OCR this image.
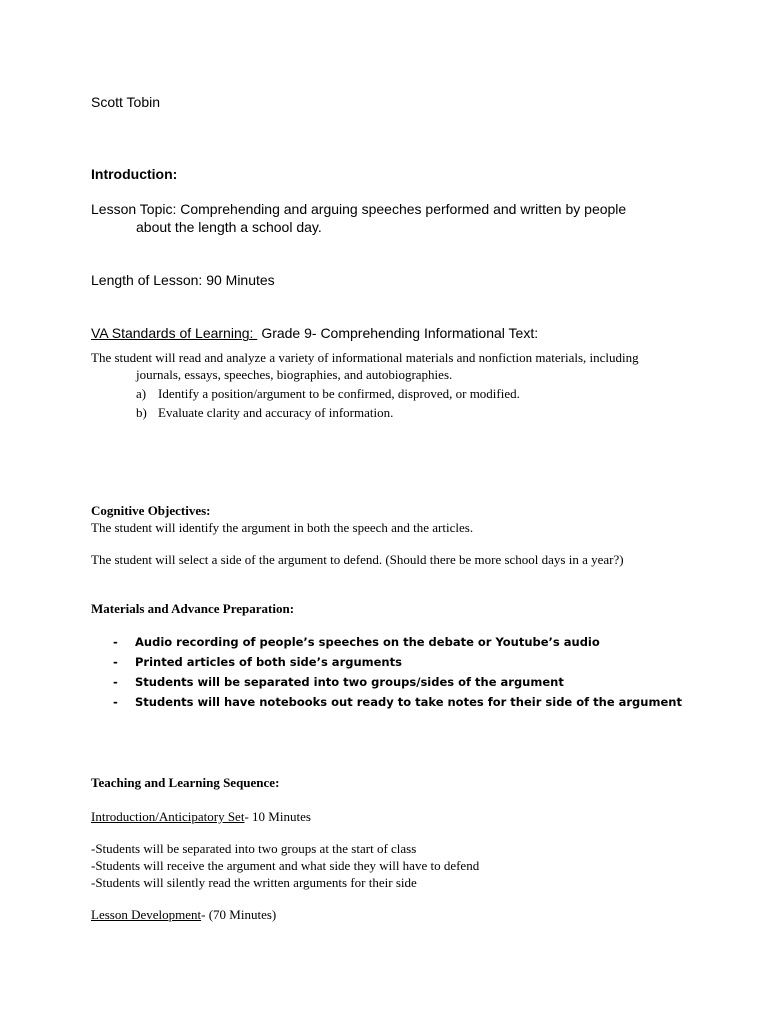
Scott Tobin
Introduction:
Lesson Topic: Comprehending and arguing speeches performed and written by people
about the length a school day.
Length of Lesson: 90 Minutes
VA Standards of Learning: Grade 9- Comprehending Informational Text:
The student will read and analyze a variety of informational materials and nonfiction materials, including
journals, essays, speeches, biographies, and autobiographies.
a) Identify a position/argument to be confirmed, disproved, or modified.
b) Evaluate clarity and accuracy of information.
Cognitive Objectives:
The student will identify the argument in both the speech and the articles.
The student will select a side of the argument to defend. (Should there be more school days in a year?)
Materials and Advance Preparation:
- Audio recording of people’s speeches on the debate or Youtube’s audio
- Printed articles of both side’s arguments
- Students will be separated into two groups/sides of the argument
- Students will have notebooks out ready to take notes for their side of the argument
Teaching and Learning Sequence:
Introduction/Anticipatory Set- 10 Minutes
-Students will be separated into two groups at the start of class
-Students will receive the argument and what side they will have to defend
-Students will silently read the written arguments for their side
Lesson Development- (70 Minutes)
